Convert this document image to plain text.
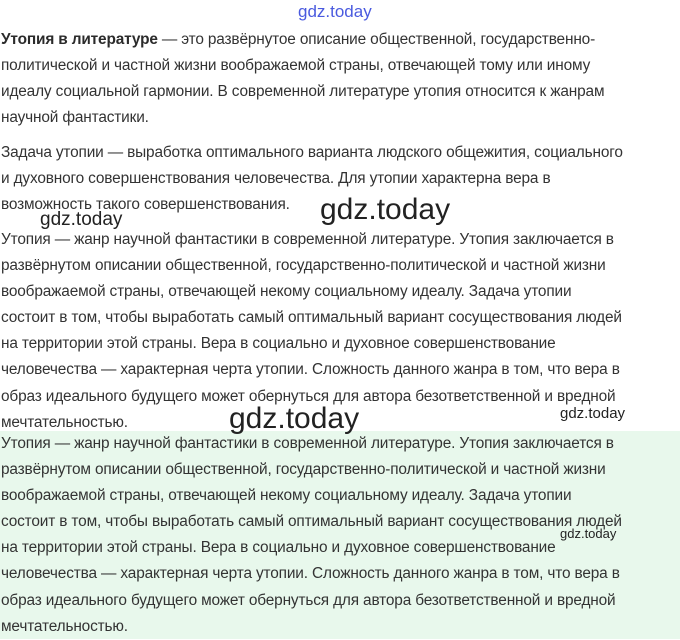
Утопия в литературе — это развёрнутое описание общественной, государственно-
политической и частной жизни воображаемой страны, отвечающей тому или иному
идеалу социальной гармонии. В современной литературе утопия относится к жанрам
научной фантастики.

Задача утопии — выработка оптимального варианта людского общежития, социального
и духовного совершенствования человечества. Для утопии характерна вера в
возможность такого совершенствования.

Утопия — жанр научной фантастики в современной литературе. Утопия заключается в
развёрнутом описании общественной, государственно-политической и частной жизни
воображаемой страны, отвечающей некому социальному идеалу. Задача утопии
состоит в том, чтобы выработать самый оптимальный вариант сосуществования людей
на территории этой страны. Вера в социально и духовное совершенствование
человечества — характерная черта утопии. Сложность данного жанра в том, что вера в
образ идеального будущего может обернуться для автора безответственной и вредной
мечтательностью.

Утопия — жанр научной фантастики в современной литературе. Утопия заключается в
развёрнутом описании общественной, государственно-политической и частной жизни
воображаемой страны, отвечающей некому социальному идеалу. Задача утопии
состоит в том, чтобы выработать самый оптимальный вариант сосуществования людей
на территории этой страны. Вера в социально и духовное совершенствование
человечества — характерная черта утопии. Сложность данного жанра в том, что вера в
образ идеального будущего может обернуться для автора безответственной и вредной
мечтательностью.

gdz.today
gdz.today
gdz.today
gdz.today	gdz.today
gdz.today
